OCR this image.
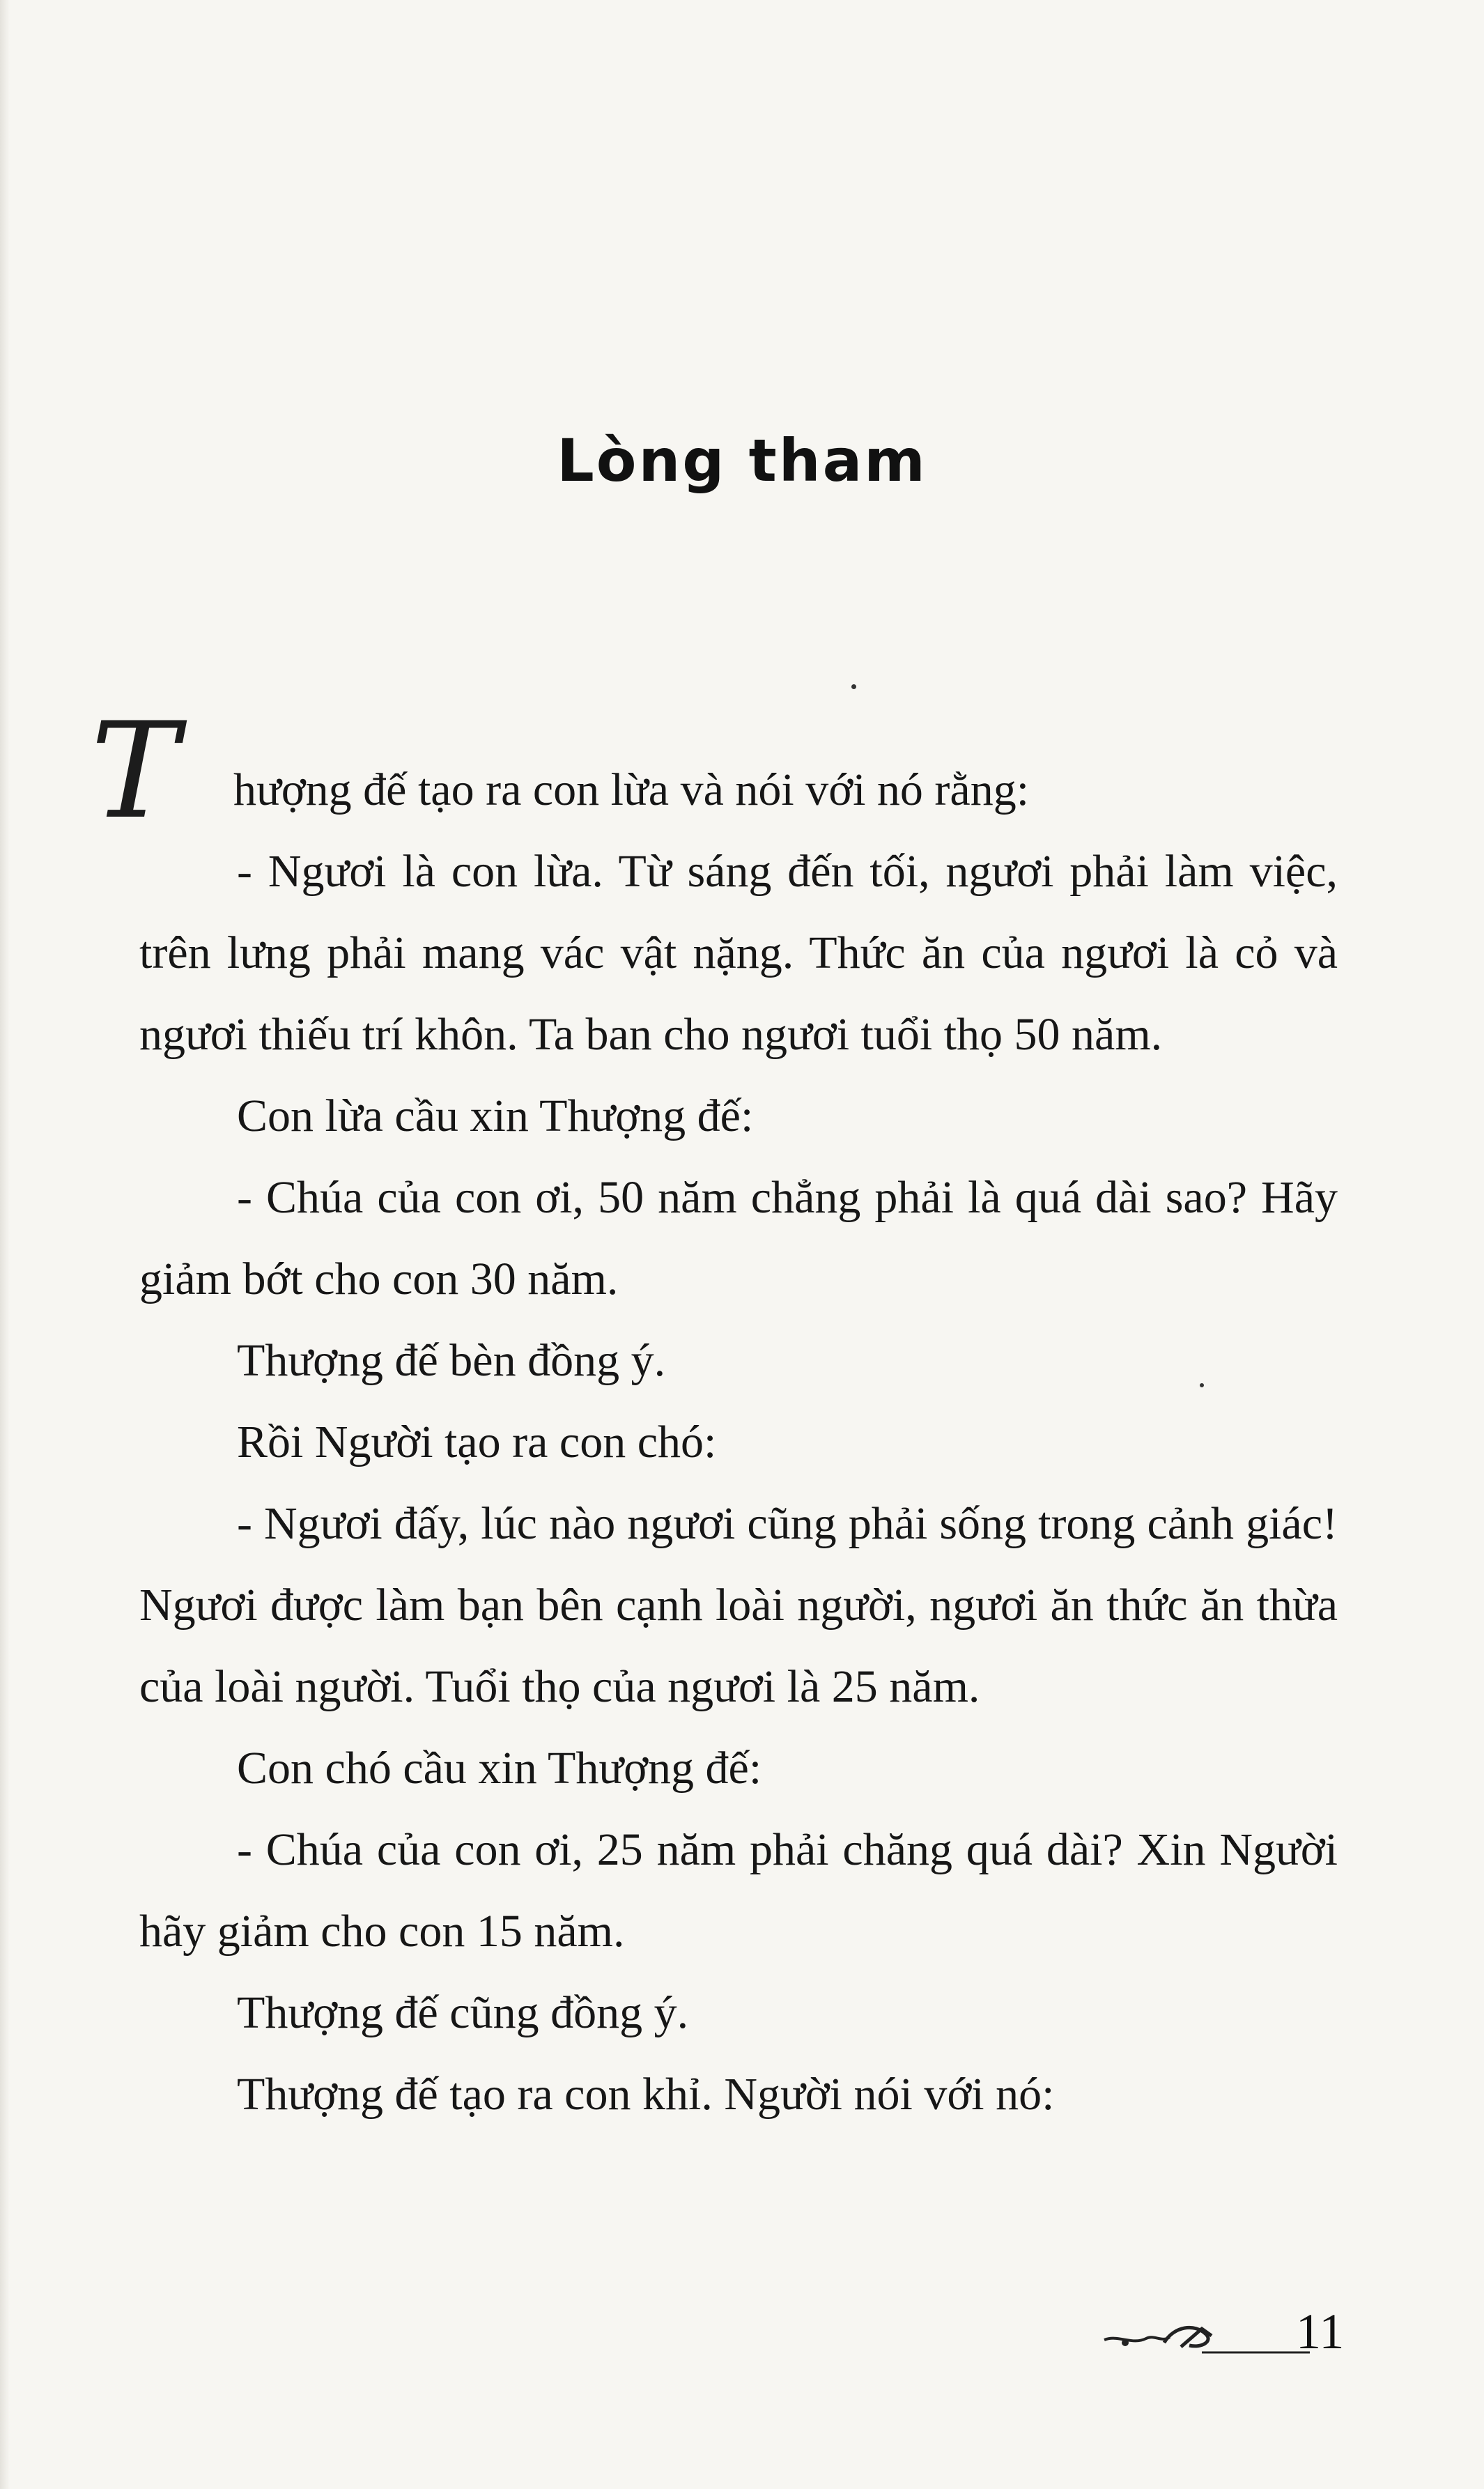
Lòng tham
T	hượng đế tạo ra con lừa và nói với nó rằng:

- Ngươi là con lừa. Từ sáng đến tối, ngươi phải làm việc, trên lưng phải mang vác vật nặng. Thức ăn của ngươi là cỏ và ngươi thiếu trí khôn. Ta ban cho ngươi tuổi thọ 50 năm.

Con lừa cầu xin Thượng đế:

- Chúa của con ơi, 50 năm chẳng phải là quá dài sao? Hãy giảm bớt cho con 30 năm.

Thượng đế bèn đồng ý.

Rồi Người tạo ra con chó:

- Ngươi đấy, lúc nào ngươi cũng phải sống trong cảnh giác! Ngươi được làm bạn bên cạnh loài người, ngươi ăn thức ăn thừa của loài người. Tuổi thọ của ngươi là 25 năm.

Con chó cầu xin Thượng đế:

- Chúa của con ơi, 25 năm phải chăng quá dài? Xin Người hãy giảm cho con 15 năm.

Thượng đế cũng đồng ý.

Thượng đế tạo ra con khỉ. Người nói với nó:

11
